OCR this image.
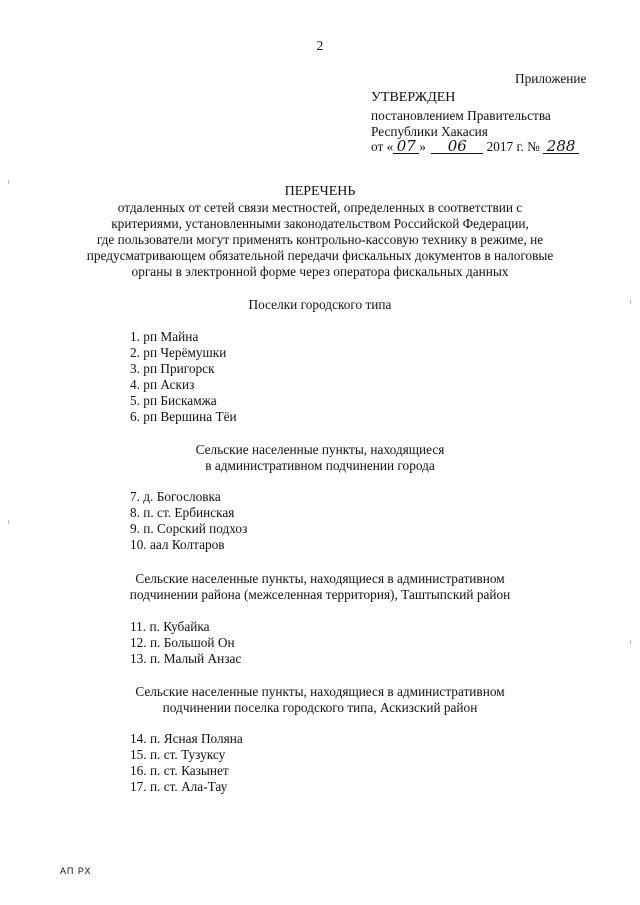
2
Приложение
УТВЕРЖДЕН
постановлением Правительства
Республики Хакасия
от « 07 » 06 2017 г. № 288
ПЕРЕЧЕНЬ
отдаленных от сетей связи местностей, определенных в соответствии с
критериями, установленными законодательством Российской Федерации,
где пользователи могут применять контрольно-кассовую технику в режиме, не
предусматривающем обязательной передачи фискальных документов в налоговые
органы в электронной форме через оператора фискальных данных
Поселки городского типа
1. рп Майна
2. рп Черёмушки
3. рп Пригорск
4. рп Аскиз
5. рп Бискамжа
6. рп Вершина Тёи
Сельские населенные пункты, находящиеся
в административном подчинении города
7. д. Богословка
8. п. ст. Ербинская
9. п. Сорский подхоз
10. аал Колтаров
Сельские населенные пункты, находящиеся в административном
подчинении района (межселенная территория), Таштыпский район
11. п. Кубайка
12. п. Большой Он
13. п. Малый Анзас
Сельские населенные пункты, находящиеся в административном
подчинении поселка городского типа, Аскизский район
14. п. Ясная Поляна
15. п. ст. Тузуксу
16. п. ст. Казынет
17. п. ст. Ала-Тау
АП РХ
